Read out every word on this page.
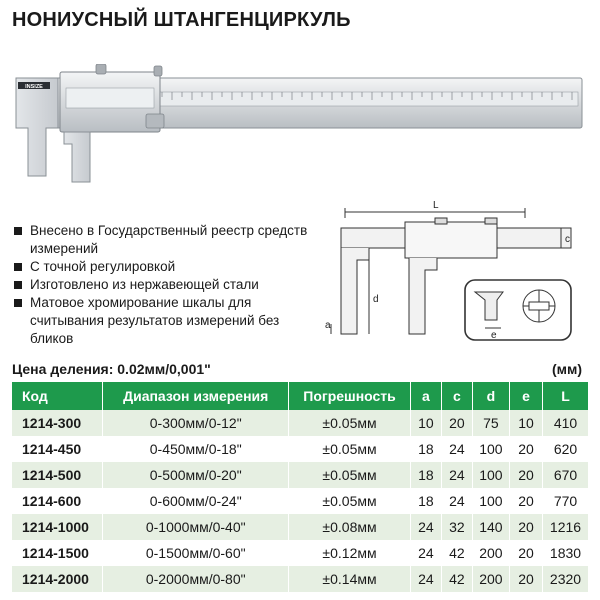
НОНИУСНЫЙ ШТАНГЕНЦИРКУЛЬ
INSIZE
Внесено в Государственный реестр средств измерений
С точной регулировкой
Изготовлено из нержавеющей стали
Матовое хромирование шкалы для считывания результатов измерений без бликов
L
c
d
a
e
Цена деления: 0.02мм/0,001"	(мм)
Код	Диапазон измерения	Погрешность	a	c	d	e	L
1214-300	0-300мм/0-12"	±0.05мм	10	20	75	10	410
1214-450	0-450мм/0-18"	±0.05мм	18	24	100	20	620
1214-500	0-500мм/0-20"	±0.05мм	18	24	100	20	670
1214-600	0-600мм/0-24"	±0.05мм	18	24	100	20	770
1214-1000	0-1000мм/0-40"	±0.08мм	24	32	140	20	1216
1214-1500	0-1500мм/0-60"	±0.12мм	24	42	200	20	1830
1214-2000	0-2000мм/0-80"	±0.14мм	24	42	200	20	2320
